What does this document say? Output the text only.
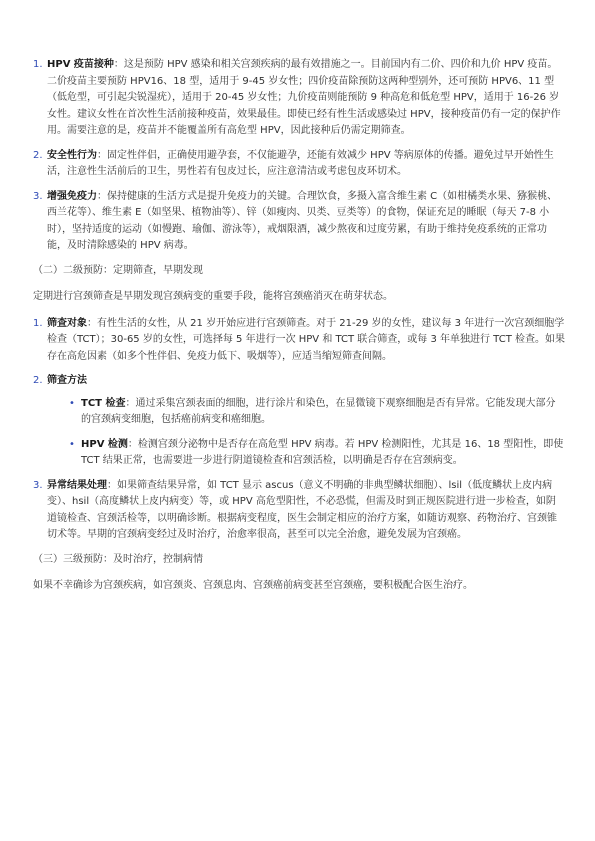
1. HPV 疫苗接种：这是预防 HPV 感染和相关宫颈疾病的最有效措施之一。目前国内有二价、四价和九价 HPV 疫苗。二价疫苗主要预防 HPV16、18 型，适用于 9-45 岁女性；四价疫苗除预防这两种型别外，还可预防 HPV6、11 型（低危型，可引起尖锐湿疣），适用于 20-45 岁女性；九价疫苗则能预防 9 种高危和低危型 HPV，适用于 16-26 岁女性。建议女性在首次性生活前接种疫苗，效果最佳。即使已经有性生活或感染过 HPV，接种疫苗仍有一定的保护作用。需要注意的是，疫苗并不能覆盖所有高危型 HPV，因此接种后仍需定期筛查。
2. 安全性行为：固定性伴侣，正确使用避孕套，不仅能避孕，还能有效减少 HPV 等病原体的传播。避免过早开始性生活，注意性生活前后的卫生，男性若有包皮过长，应注意清洁或考虑包皮环切术。
3. 增强免疫力：保持健康的生活方式是提升免疫力的关键。合理饮食，多摄入富含维生素 C（如柑橘类水果、猕猴桃、西兰花等）、维生素 E（如坚果、植物油等）、锌（如瘦肉、贝类、豆类等）的食物，保证充足的睡眠（每天 7-8 小时），坚持适度的运动（如慢跑、瑜伽、游泳等），戒烟限酒，减少熬夜和过度劳累，有助于维持免疫系统的正常功能，及时清除感染的 HPV 病毒。

（二）二级预防：定期筛查，早期发现

定期进行宫颈筛查是早期发现宫颈病变的重要手段，能将宫颈癌消灭在萌芽状态。

1. 筛查对象：有性生活的女性，从 21 岁开始应进行宫颈筛查。对于 21-29 岁的女性，建议每 3 年进行一次宫颈细胞学检查（TCT）；30-65 岁的女性，可选择每 5 年进行一次 HPV 和 TCT 联合筛查，或每 3 年单独进行 TCT 检查。如果存在高危因素（如多个性伴侣、免疫力低下、吸烟等），应适当缩短筛查间隔。
2. 筛查方法
• TCT 检查：通过采集宫颈表面的细胞，进行涂片和染色，在显微镜下观察细胞是否有异常。它能发现大部分的宫颈病变细胞，包括癌前病变和癌细胞。
• HPV 检测：检测宫颈分泌物中是否存在高危型 HPV 病毒。若 HPV 检测阳性，尤其是 16、18 型阳性，即使 TCT 结果正常，也需要进一步进行阴道镜检查和宫颈活检，以明确是否存在宫颈病变。
3. 异常结果处理：如果筛查结果异常，如 TCT 显示 ascus（意义不明确的非典型鳞状细胞）、lsil（低度鳞状上皮内病变）、hsil（高度鳞状上皮内病变）等，或 HPV 高危型阳性，不必恐慌，但需及时到正规医院进行进一步检查，如阴道镜检查、宫颈活检等，以明确诊断。根据病变程度，医生会制定相应的治疗方案，如随访观察、药物治疗、宫颈锥切术等。早期的宫颈病变经过及时治疗，治愈率很高，甚至可以完全治愈，避免发展为宫颈癌。

（三）三级预防：及时治疗，控制病情

如果不幸确诊为宫颈疾病，如宫颈炎、宫颈息肉、宫颈癌前病变甚至宫颈癌，要积极配合医生治疗。
